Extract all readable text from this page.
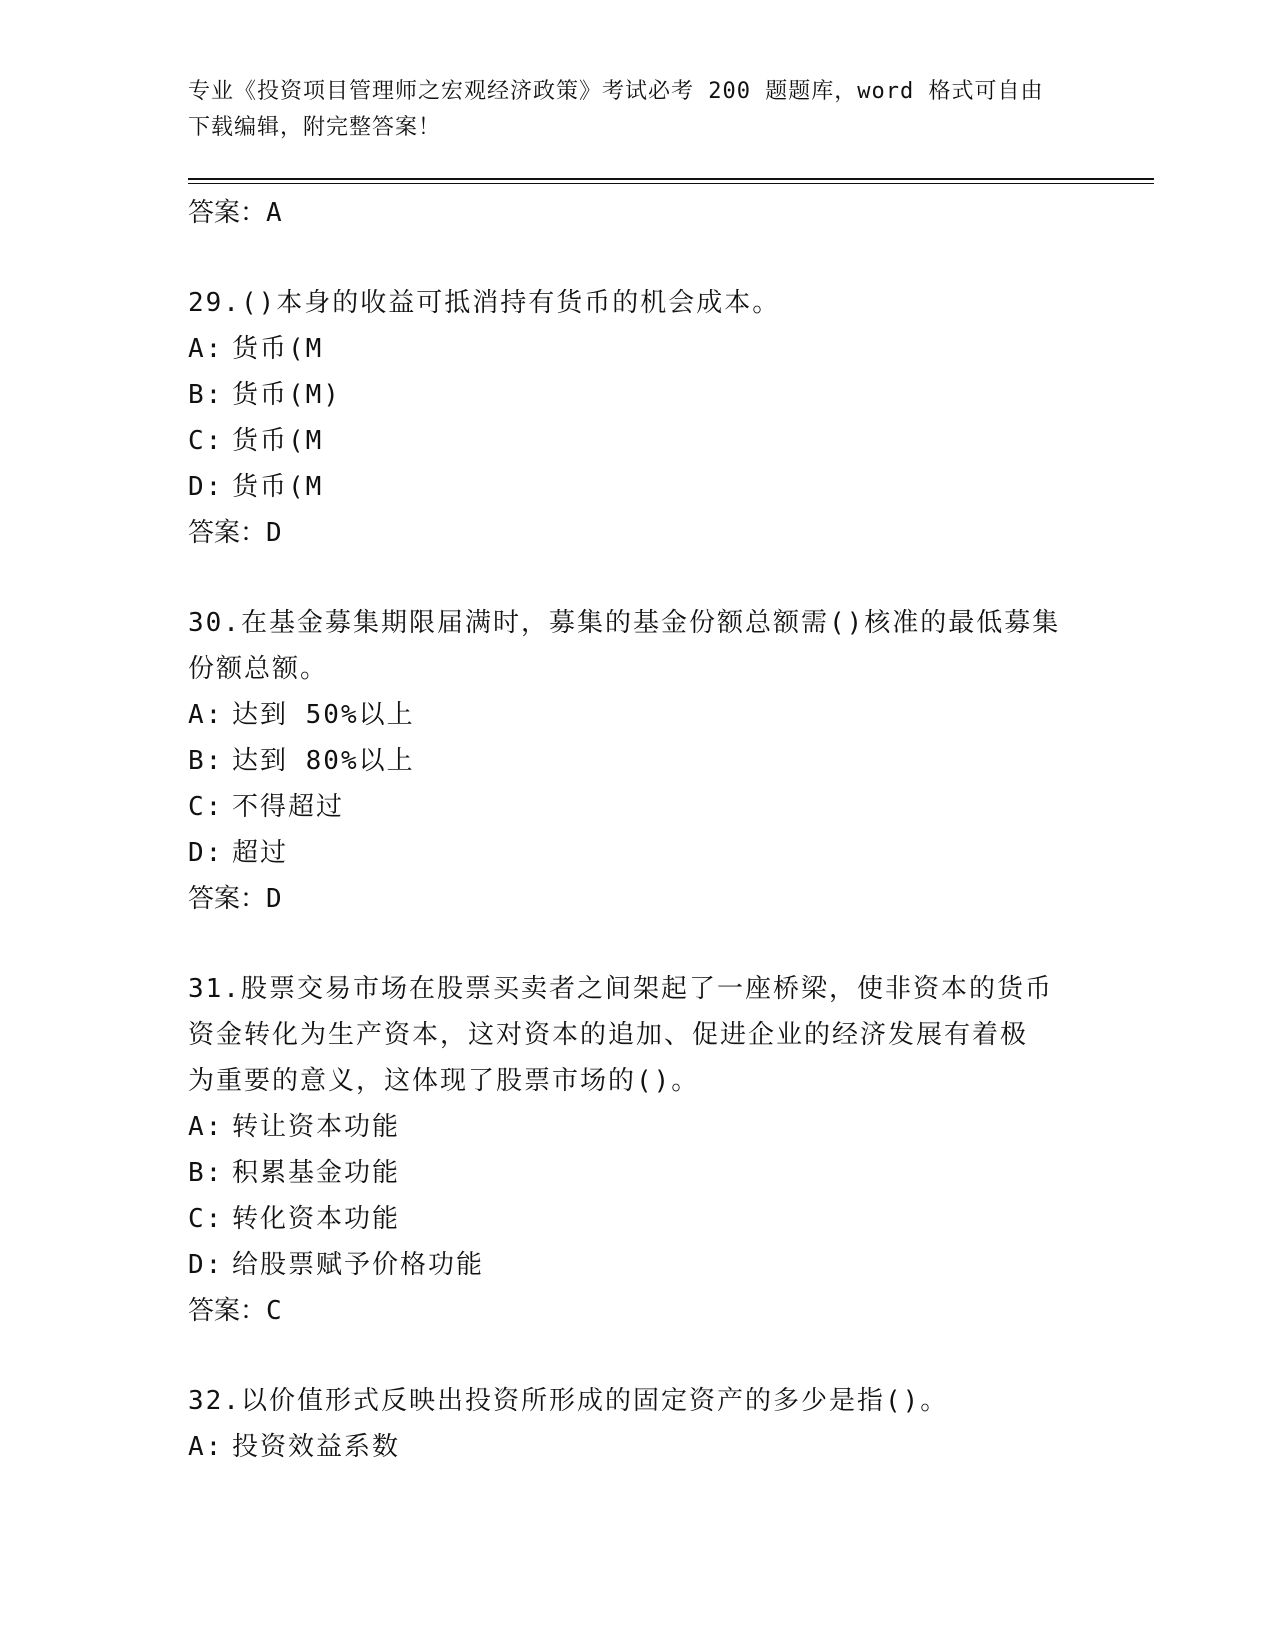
专业《投资项目管理师之宏观经济政策》考试必考 200 题题库，word 格式可自由
下载编辑，附完整答案！

答案：A

29.()本身的收益可抵消持有货币的机会成本。

A: 货币(M

B: 货币(M)

C: 货币(M

D: 货币(M

答案：D

30.在基金募集期限届满时，募集的基金份额总额需()核准的最低募集

份额总额。

A: 达到 50%以上

B: 达到 80%以上

C: 不得超过

D: 超过

答案：D

31.股票交易市场在股票买卖者之间架起了一座桥梁，使非资本的货币

资金转化为生产资本，这对资本的追加、促进企业的经济发展有着极

为重要的意义，这体现了股票市场的()。

A: 转让资本功能

B: 积累基金功能

C: 转化资本功能

D: 给股票赋予价格功能

答案：C

32.以价值形式反映出投资所形成的固定资产的多少是指()。

A: 投资效益系数
